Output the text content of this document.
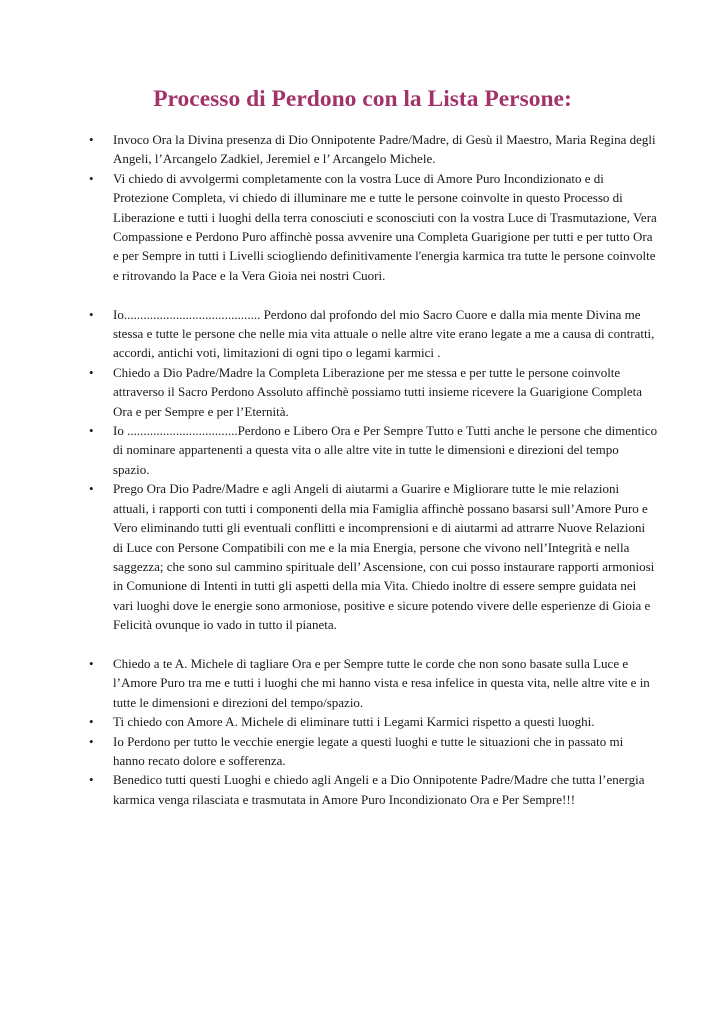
Processo di Perdono con la Lista Persone:
• Invoco Ora la Divina presenza di Dio Onnipotente Padre/Madre, di Gesù il Maestro, Maria Regina degli Angeli, l’Arcangelo Zadkiel, Jeremiel e l’ Arcangelo Michele.
• Vi chiedo di avvolgermi completamente con la vostra Luce di Amore Puro Incondizionato e di Protezione Completa, vi chiedo di illuminare me e tutte le persone coinvolte in questo Processo di Liberazione e tutti i luoghi della terra conosciuti e sconosciuti con la vostra Luce di Trasmutazione, Vera Compassione e Perdono Puro affinchè possa avvenire una Completa Guarigione per tutti e per tutto Ora e per Sempre in tutti i Livelli sciogliendo definitivamente l'energia karmica tra tutte le persone coinvolte e ritrovando la Pace e la Vera Gioia nei nostri Cuori.
• Io.......................................... Perdono dal profondo del mio Sacro Cuore e dalla mia mente Divina me stessa e tutte le persone che nelle mia vita attuale o nelle altre vite erano legate a me a causa di contratti, accordi, antichi voti, limitazioni di ogni tipo o legami karmici .
• Chiedo a Dio Padre/Madre la Completa Liberazione per me stessa e per tutte le persone coinvolte attraverso il Sacro Perdono Assoluto affinchè possiamo tutti insieme ricevere la Guarigione Completa Ora e per Sempre e per l’Eternità.
• Io ..................................Perdono e Libero Ora e Per Sempre Tutto e Tutti anche le persone che dimentico di nominare appartenenti a questa vita o alle altre vite in tutte le dimensioni e direzioni del tempo spazio.
• Prego Ora Dio Padre/Madre e agli Angeli di aiutarmi a Guarire e Migliorare tutte le mie relazioni attuali, i rapporti con tutti i componenti della mia Famiglia affinchè possano basarsi sull’Amore Puro e Vero eliminando tutti gli eventuali conflitti e incomprensioni e di aiutarmi ad attrarre Nuove Relazioni di Luce con Persone Compatibili con me e la mia Energia, persone che vivono nell’Integrità e nella saggezza; che sono sul cammino spirituale dell’ Ascensione, con cui posso instaurare rapporti armoniosi in Comunione di Intenti in tutti gli aspetti della mia Vita. Chiedo inoltre di essere sempre guidata nei vari luoghi dove le energie sono armoniose, positive e sicure potendo vivere delle esperienze di Gioia e Felicità ovunque io vado in tutto il pianeta.
• Chiedo a te A. Michele di tagliare Ora e per Sempre tutte le corde che non sono basate sulla Luce e l’Amore Puro tra me e tutti i luoghi che mi hanno vista e resa infelice in questa vita, nelle altre vite e in tutte le dimensioni e direzioni del tempo/spazio.
• Ti chiedo con Amore A. Michele di eliminare tutti i Legami Karmici rispetto a questi luoghi.
• Io Perdono per tutto le vecchie energie legate a questi luoghi e tutte le situazioni che in passato mi hanno recato dolore e sofferenza.
• Benedico tutti questi Luoghi e chiedo agli Angeli e a Dio Onnipotente Padre/Madre che tutta l’energia karmica venga rilasciata e trasmutata in Amore Puro Incondizionato Ora e Per Sempre!!!
